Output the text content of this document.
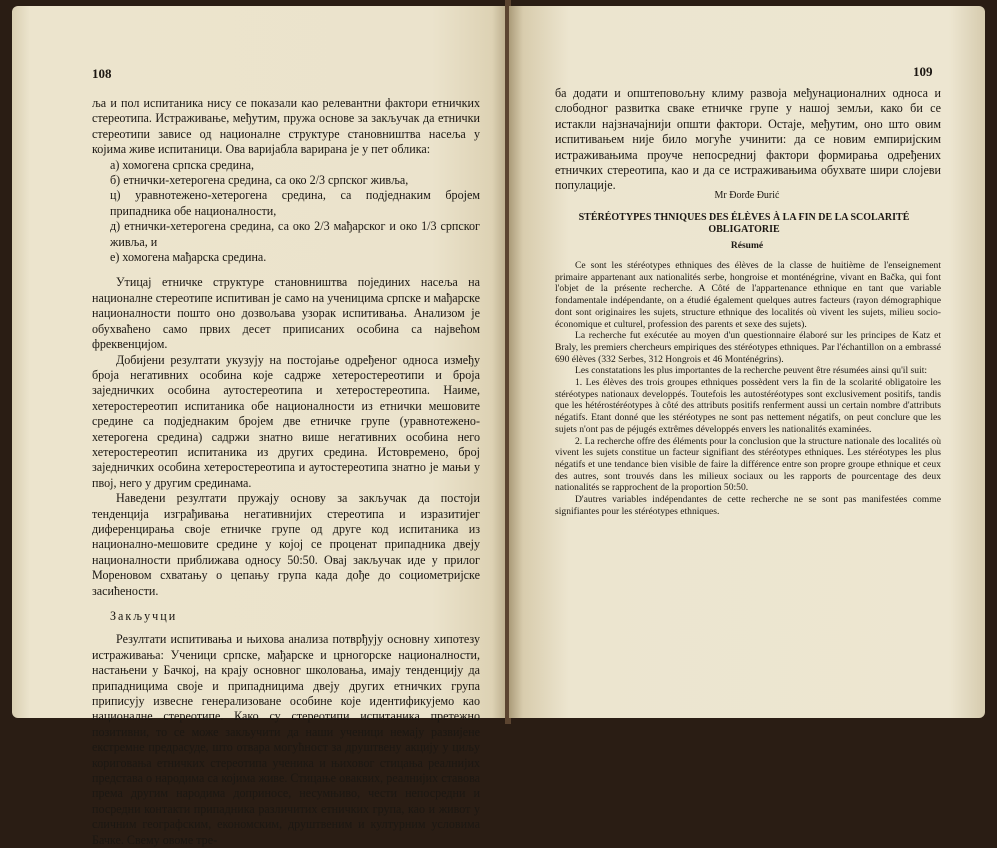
108

ља и пол испитаника нису се показали као релевантни фактори етничких стереотипа. Истраживање, међутим, пружа основе за закључак да етнички стереотипи зависе од националне структуре становништва насеља у којима живе испитаници. Ова варијабла варирана је у пет облика:

а) хомогена српска средина,

б) етнички-хетерогена средина, са око 2/3 српског живља,

ц) уравнотежено-хетерогена средина, са подједнаким бројем припадника обе националности,

д) етнички-хетерогена средина, са око 2/3 мађарског и око 1/3 српског живља, и

е) хомогена мађарска средина.

Утицај етничке структуре становништва појединих насеља на националне стереотипе испитиван је само на ученицима српске и мађарске националности пошто оно дозвољава узорак испитивања. Анализом је обухваћено само првих десет приписаних особина са највећом фреквенцијом.

Добијени резултати укузују на постојање одређеног односа између броја негативних особина које садрже хетеростереотипи и броја заједничких особина аутостереотипа и хетеростереотипа. Наиме, хетеростереотип испитаника обе националности из етнички мешовите средине са подједнаким бројем две етничке групе (уравнотежено-хетерогена средина) садржи знатно више негативних особина него хетеростереотип испитаника из других средина. Истовремено, број заједничких особина хетеростереотипа и аутостереотипа знатно је мањи у пвој, него у другим срединама.

Наведени резултати пружају основу за закључак да постоји тенденција изграђивања негативнијих стереотипа и изразитијег диференцирања своје етничке групе од друге код испитаника из национално-мешовите средине у којој се проценат припадника двеју националности приближава односу 50:50. Овај закључак иде у прилог Мореновом схватању о цепању група када дође до социометријске засићености.

Закључци

Резултати испитивања и њихова анализа потврђују основну хипотезу истраживања: Ученици српске, мађарске и црногорске националности, настањени у Бачкој, на крају основног школовања, имају тенденцију да припадницима своје и припадницима двеју других етничких група приписују извесне генерализоване особине које идентификујемо као националне стереотипе. Како су стереотипи испитаника претежно позитивни, то се може закључити да наши ученици немају развијене екстремне предрасуде, што отвара могућност за друштвену акцију у циљу кориговања етничких стереотипа ученика и њиховог стицања реалнијих представа о народима са којима живе. Стицање оваквих, реалнијих ставова према другим народима доприносе, несумњиво, чести непосредни и посредни контакти припадника различитих етничких група, као и живот у сличним географским, економским, друштвеним и културним условима Бачке. Свему овоме тре-

109
ба додати и општеповољну климу развоја међунационалних односа и слободног развитка сваке етничке групе у нашој земљи, како би се истакли најзначајнији општи фактори. Остаје, међутим, оно што овим испитивањем није било могуће учинити: да се новим емпиријским истраживањима проуче непосредниј фактори формирања одређених етничких стереотипа, као и да се истраживањима обухвате шири слојеви популације.
Mr Đorđe Đurić
STÉRÉOTYPES THNIQUES DES ÉLÈVES À LA FIN DE LA SCOLARITÉ OBLIGATORIE
Résumé

Ce sont les stéréotypes ethniques des élèves de la classe de huitième de l'enseignement primaire appartenant aux nationalités serbe, hongroise et monténégrine, vivant en Bačka, qui font l'objet de la présente recherche. A Côté de l'appartenance ethnique en tant que variable fondamentale indépendante, on a étudié également quelques autres facteurs (rayon démographique dont sont originaires les sujets, structure ethnique des localités où vivent les sujets, milieu socio-économique et culturel, profession des parents et sexe des sujets).

La recherche fut exécutée au moyen d'un questionnaire élaboré sur les principes de Katz et Braly, les premiers chercheurs empiriques des stéréotypes ethniques. Par l'échantillon on a embrassé 690 élèves (332 Serbes, 312 Hongrois et 46 Monténégrins).

Les constatations les plus importantes de la recherche peuvent être résumées ainsi qu'il suit:

1. Les élèves des trois groupes ethniques possèdent vers la fin de la scolarité obligatoire les stéréotypes nationaux developpés. Toutefois les autostéréotypes sont exclusivement positifs, tandis que les hétérostéréotypes à côté des attributs positifs renferment aussi un certain nombre d'attributs négatifs. Etant donné que les stéréotypes ne sont pas nettement négatifs, on peut conclure que les sujets n'ont pas de péjugés extrêmes développés envers les nationalités examinées.

2. La recherche offre des éléments pour la conclusion que la structure nationale des localités où vivent les sujets constitue un facteur signifiant des stéréotypes ethniques. Les stéréotypes les plus négatifs et une tendance bien visible de faire la différence entre son propre groupe ethnique et ceux des autres, sont trouvés dans les milieux sociaux ou les rapports de pourcentage des deux nationalités se rapprochent de la proportion 50:50.

D'autres variables indépendantes de cette recherche ne se sont pas manifestées comme signifiantes pour les stéréotypes ethniques.
